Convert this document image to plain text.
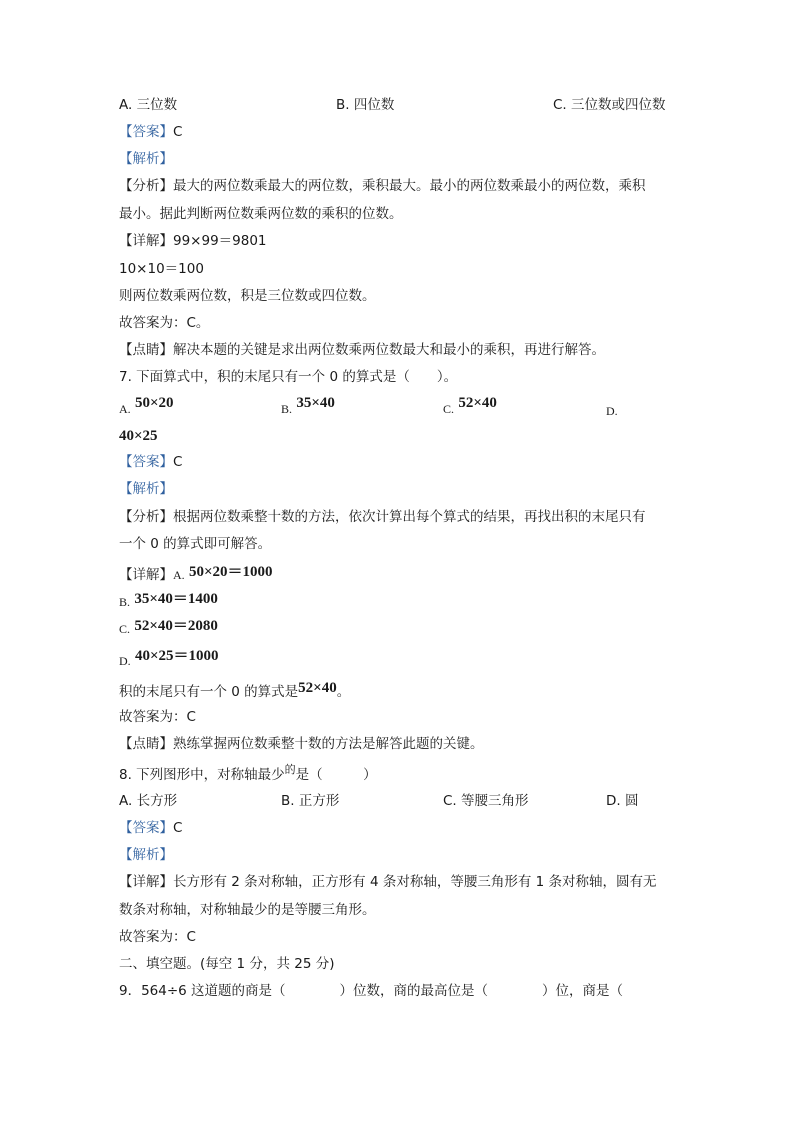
A. 三位数	B. 四位数	C. 三位数或四位数
【答案】C
【解析】
【分析】最大的两位数乘最大的两位数，乘积最大。最小的两位数乘最小的两位数，乘积
最小。据此判断两位数乘两位数的乘积的位数。
【详解】99×99＝9801
10×10＝100
则两位数乘两位数，积是三位数或四位数。
故答案为：C。
【点睛】解决本题的关键是求出两位数乘两位数最大和最小的乘积，再进行解答。
7. 下面算式中，积的末尾只有一个 0 的算式是（　　）。
A. 50×20	B. 35×40	C. 52×40	D.
40×25
【答案】C
【解析】
【分析】根据两位数乘整十数的方法，依次计算出每个算式的结果，再找出积的末尾只有
一个 0 的算式即可解答。
【详解】A. 50×20＝1000
B. 35×40＝1400
C. 52×40＝2080
D. 40×25＝1000
积的末尾只有一个 0 的算式是52×40。
故答案为：C
【点睛】熟练掌握两位数乘整十数的方法是解答此题的关键。
8. 下列图形中，对称轴最少$^的$是（　　　）
A. 长方形	B. 正方形	C. 等腰三角形	D. 圆
【答案】C
【解析】
【详解】长方形有 2 条对称轴，正方形有 4 条对称轴，等腰三角形有 1 条对称轴，圆有无
数条对称轴，对称轴最少的是等腰三角形。
故答案为：C
二、填空题。(每空 1 分，共 25 分)
9．564÷6 这道题的商是（　　　　）位数，商的最高位是（　　　　）位，商是（
